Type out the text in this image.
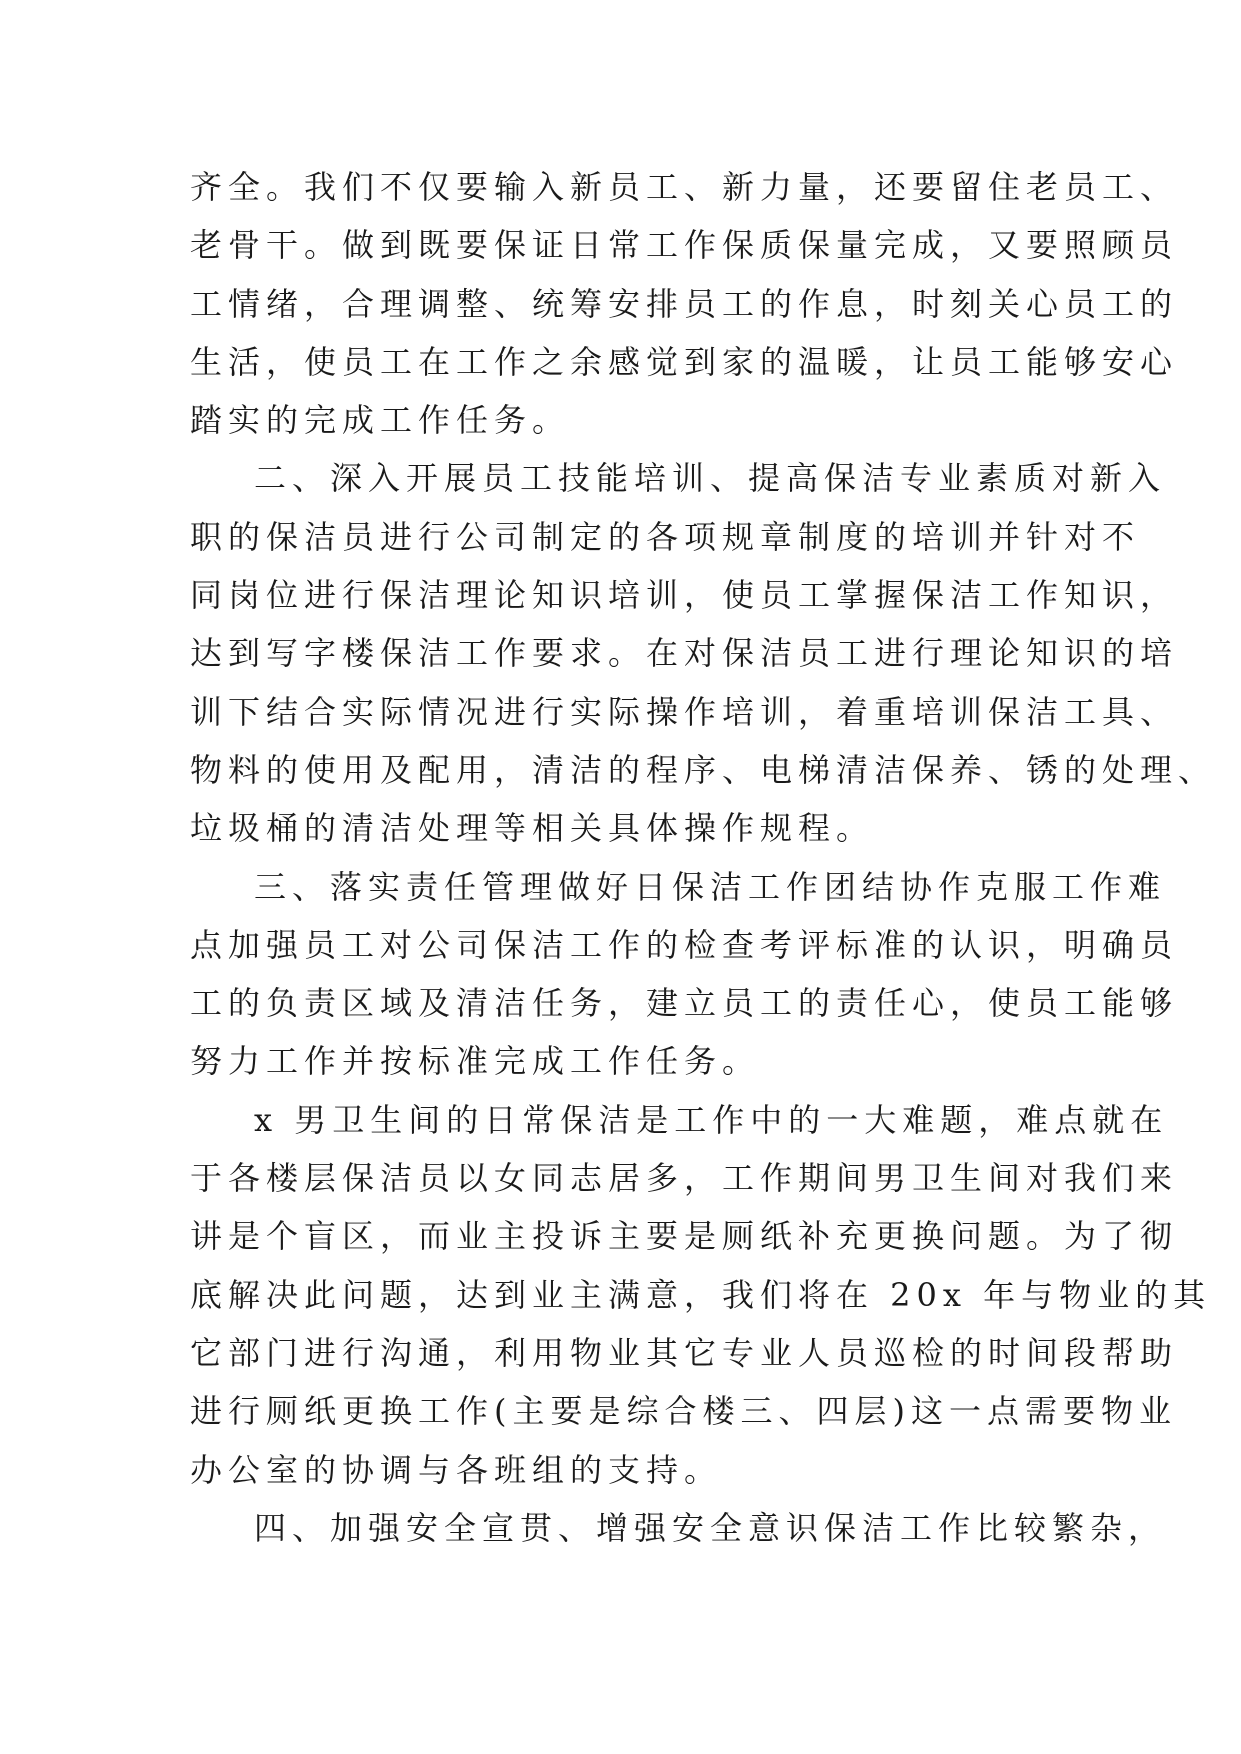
齐全。我们不仅要输入新员工、新力量，还要留住老员工、
老骨干。做到既要保证日常工作保质保量完成，又要照顾员
工情绪，合理调整、统筹安排员工的作息，时刻关心员工的
生活，使员工在工作之余感觉到家的温暖，让员工能够安心
踏实的完成工作任务。
二、深入开展员工技能培训、提高保洁专业素质对新入
职的保洁员进行公司制定的各项规章制度的培训并针对不
同岗位进行保洁理论知识培训，使员工掌握保洁工作知识，
达到写字楼保洁工作要求。在对保洁员工进行理论知识的培
训下结合实际情况进行实际操作培训，着重培训保洁工具、
物料的使用及配用，清洁的程序、电梯清洁保养、锈的处理、
垃圾桶的清洁处理等相关具体操作规程。
三、落实责任管理做好日保洁工作团结协作克服工作难
点加强员工对公司保洁工作的检查考评标准的认识，明确员
工的负责区域及清洁任务，建立员工的责任心，使员工能够
努力工作并按标准完成工作任务。
x 男卫生间的日常保洁是工作中的一大难题，难点就在
于各楼层保洁员以女同志居多，工作期间男卫生间对我们来
讲是个盲区，而业主投诉主要是厕纸补充更换问题。为了彻
底解决此问题，达到业主满意，我们将在 20x 年与物业的其
它部门进行沟通，利用物业其它专业人员巡检的时间段帮助
进行厕纸更换工作(主要是综合楼三、四层)这一点需要物业
办公室的协调与各班组的支持。
四、加强安全宣贯、增强安全意识保洁工作比较繁杂，
